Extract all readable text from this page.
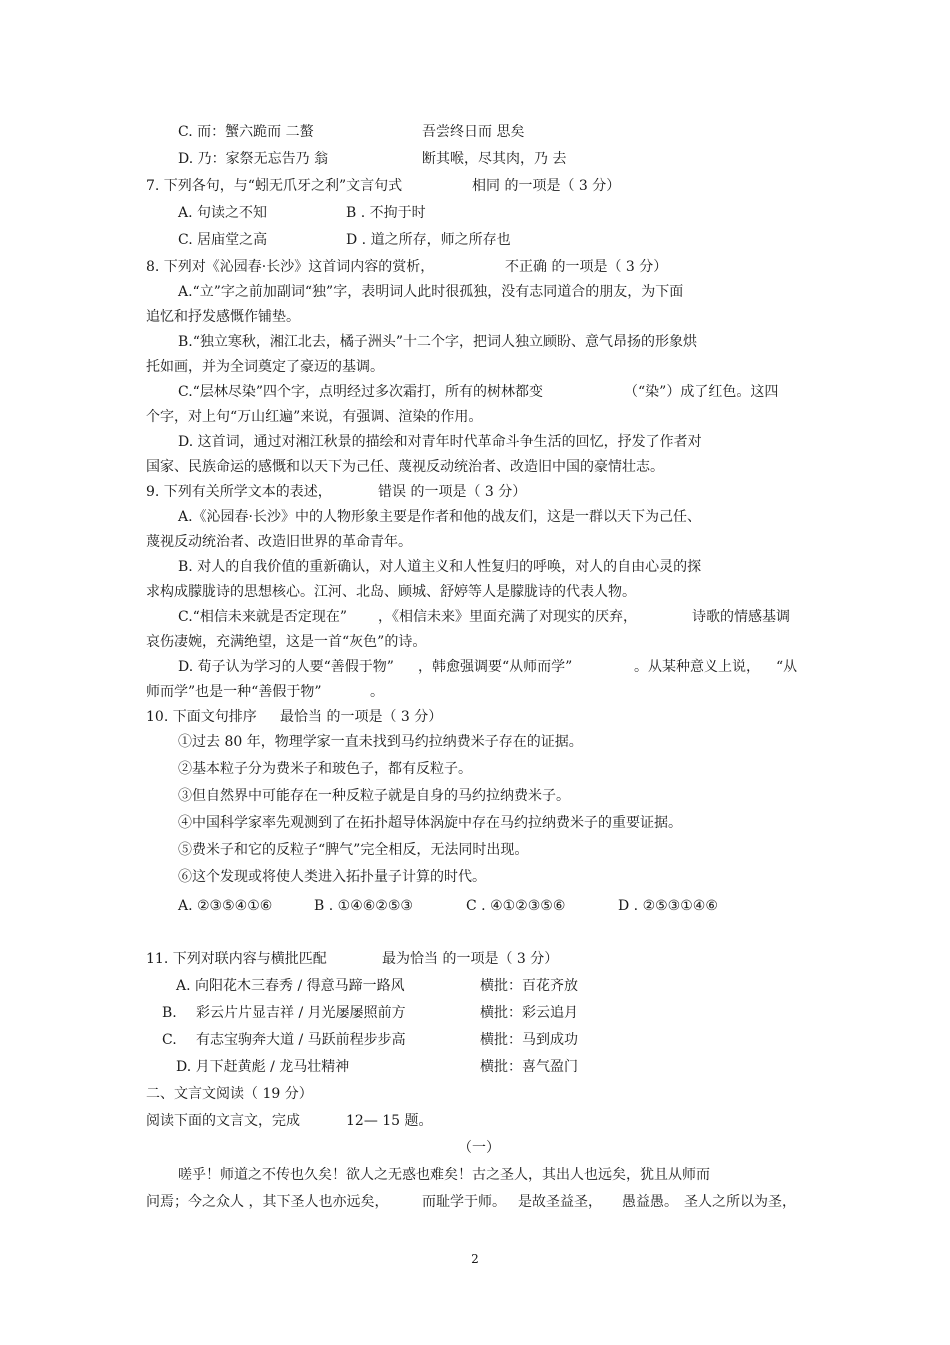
C. 而：蟹六跪而 二螯	吾尝终日而 思矣
D. 乃：家祭无忘告乃 翁	断其喉，尽其肉，乃 去
7. 下列各句，与“蚓无爪牙之利”文言句式	相同 的一项是（ 3 分）
A. 句读之不知	B . 不拘于时
C. 居庙堂之高	D . 道之所存，师之所存也
8. 下列对《沁园春·长沙》这首词内容的赏析，	不正确 的一项是（ 3 分）
A.“立”字之前加副词“独”字，表明词人此时很孤独，没有志同道合的朋友，为下面
追忆和抒发感慨作铺垫。
B.“独立寒秋，湘江北去，橘子洲头”十二个字，把词人独立顾盼、意气昂扬的形象烘
托如画，并为全词奠定了豪迈的基调。
C.“层林尽染”四个字，点明经过多次霜打，所有的树林都变	（“染”）成了红色。这四
个字，对上句“万山红遍”来说，有强调、渲染的作用。
D. 这首词，通过对湘江秋景的描绘和对青年时代革命斗争生活的回忆，抒发了作者对
国家、民族命运的感慨和以天下为己任、蔑视反动统治者、改造旧中国的豪情壮志。
9. 下列有关所学文本的表述，	错误 的一项是（ 3 分）
A.《沁园春·长沙》中的人物形象主要是作者和他的战友们，这是一群以天下为己任、
蔑视反动统治者、改造旧世界的革命青年。
B. 对人的自我价值的重新确认，对人道主义和人性复归的呼唤，对人的自由心灵的探
求构成朦胧诗的思想核心。江河、北岛、顾城、舒婷等人是朦胧诗的代表人物。
C.“相信未来就是否定现在” ，《相信未来》里面充满了对现实的厌弃，	诗歌的情感基调
哀伤凄婉，充满绝望，这是一首“灰色”的诗。
D. 荀子认为学习的人要“善假于物” ，韩愈强调要“从师而学”	。从某种意义上说， “从
师而学”也是一种“善假于物”	。
10. 下面文句排序 最恰当 的一项是（ 3 分）
①过去 80 年，物理学家一直未找到马约拉纳费米子存在的证据。
②基本粒子分为费米子和玻色子，都有反粒子。
③但自然界中可能存在一种反粒子就是自身的马约拉纳费米子。
④中国科学家率先观测到了在拓扑超导体涡旋中存在马约拉纳费米子的重要证据。
⑤费米子和它的反粒子“脾气”完全相反，无法同时出现。
⑥这个发现或将使人类进入拓扑量子计算的时代。
A. ②③⑤④①⑥	B . ①④⑥②⑤③	C . ④①②③⑤⑥	D . ②⑤③①④⑥
11. 下列对联内容与横批匹配	最为恰当 的一项是（ 3 分）
A. 向阳花木三春秀 / 得意马蹄一路风	横批：百花齐放
B. 彩云片片显吉祥 / 月光屡屡照前方	横批：彩云追月
C. 有志宝驹奔大道 / 马跃前程步步高	横批：马到成功
D. 月下赶黄彪 / 龙马壮精神	横批：喜气盈门
二、文言文阅读（ 19 分）
阅读下面的文言文，完成	12— 15 题。
（一）
嗟乎！师道之不传也久矣！欲人之无惑也难矣！古之圣人，其出人也远矣，犹且从师而
问焉；今之众人 ，其下圣人也亦远矣， 而耻学于师。 是故圣益圣， 愚益愚。 圣人之所以为圣，
2
